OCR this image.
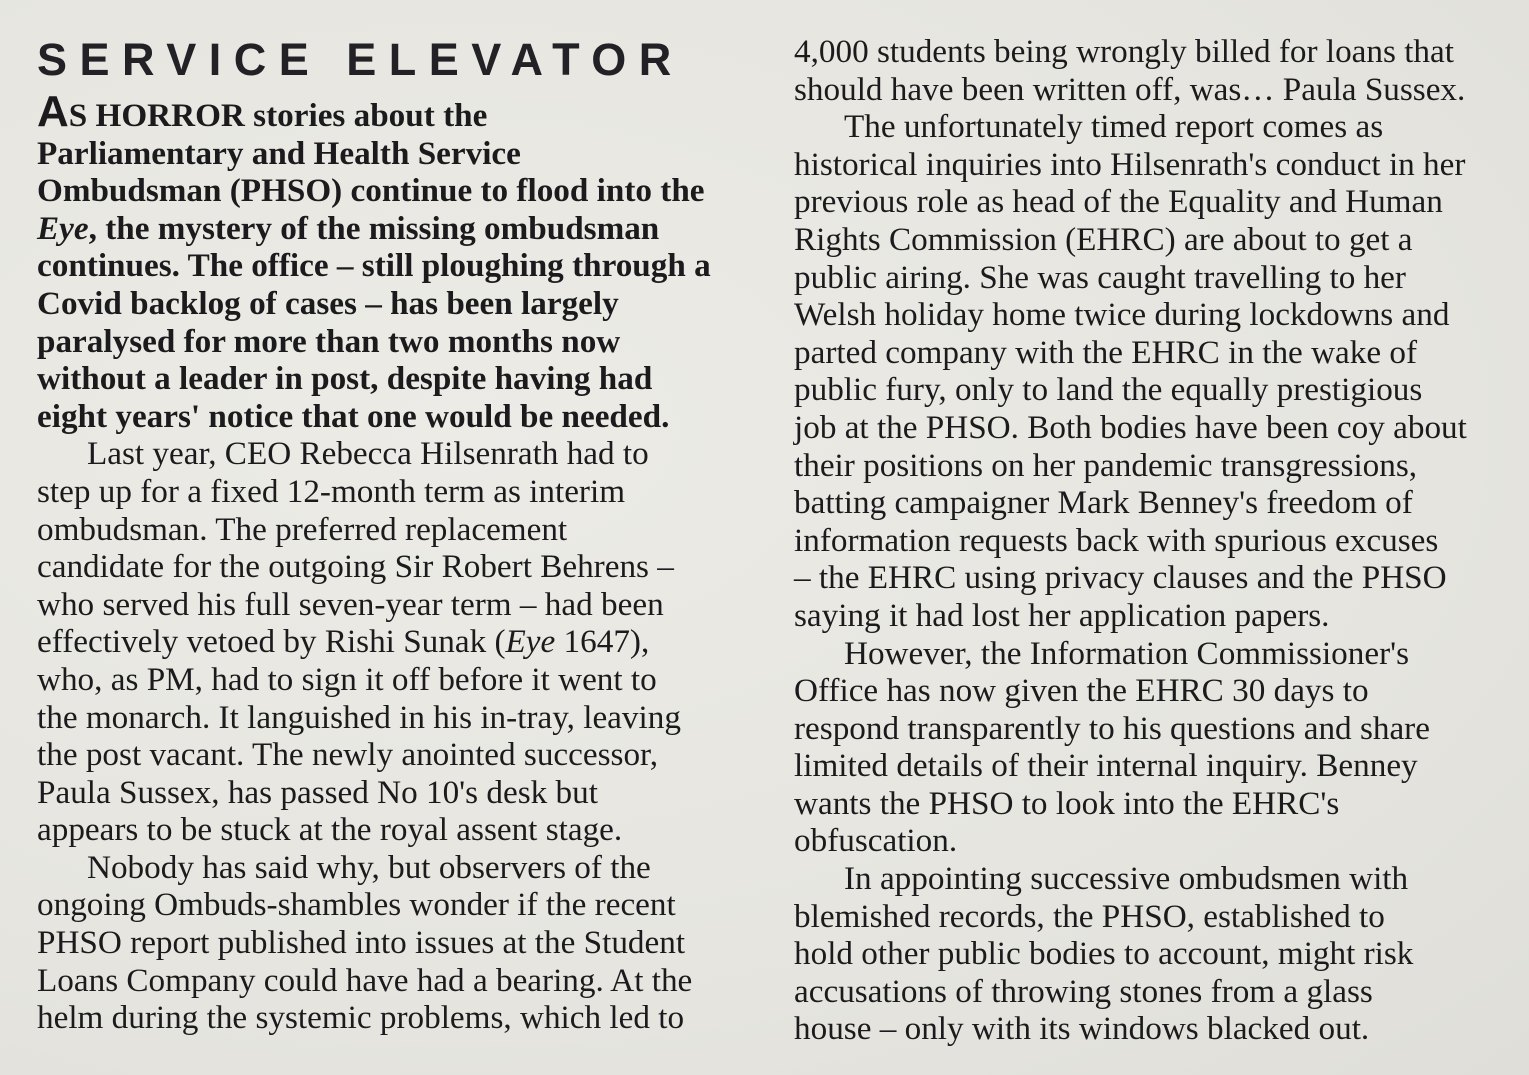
SERVICE ELEVATOR
AS HORROR stories about the
Parliamentary and Health Service
Ombudsman (PHSO) continue to flood into the
Eye, the mystery of the missing ombudsman
continues. The office – still ploughing through a
Covid backlog of cases – has been largely
paralysed for more than two months now
without a leader in post, despite having had
eight years' notice that one would be needed.
Last year, CEO Rebecca Hilsenrath had to
step up for a fixed 12-month term as interim
ombudsman. The preferred replacement
candidate for the outgoing Sir Robert Behrens –
who served his full seven-year term – had been
effectively vetoed by Rishi Sunak (Eye 1647),
who, as PM, had to sign it off before it went to
the monarch. It languished in his in-tray, leaving
the post vacant. The newly anointed successor,
Paula Sussex, has passed No 10's desk but
appears to be stuck at the royal assent stage.
Nobody has said why, but observers of the
ongoing Ombuds-shambles wonder if the recent
PHSO report published into issues at the Student
Loans Company could have had a bearing. At the
helm during the systemic problems, which led to
4,000 students being wrongly billed for loans that
should have been written off, was… Paula Sussex.
The unfortunately timed report comes as
historical inquiries into Hilsenrath's conduct in her
previous role as head of the Equality and Human
Rights Commission (EHRC) are about to get a
public airing. She was caught travelling to her
Welsh holiday home twice during lockdowns and
parted company with the EHRC in the wake of
public fury, only to land the equally prestigious
job at the PHSO. Both bodies have been coy about
their positions on her pandemic transgressions,
batting campaigner Mark Benney's freedom of
information requests back with spurious excuses
– the EHRC using privacy clauses and the PHSO
saying it had lost her application papers.
However, the Information Commissioner's
Office has now given the EHRC 30 days to
respond transparently to his questions and share
limited details of their internal inquiry. Benney
wants the PHSO to look into the EHRC's
obfuscation.
In appointing successive ombudsmen with
blemished records, the PHSO, established to
hold other public bodies to account, might risk
accusations of throwing stones from a glass
house – only with its windows blacked out.
